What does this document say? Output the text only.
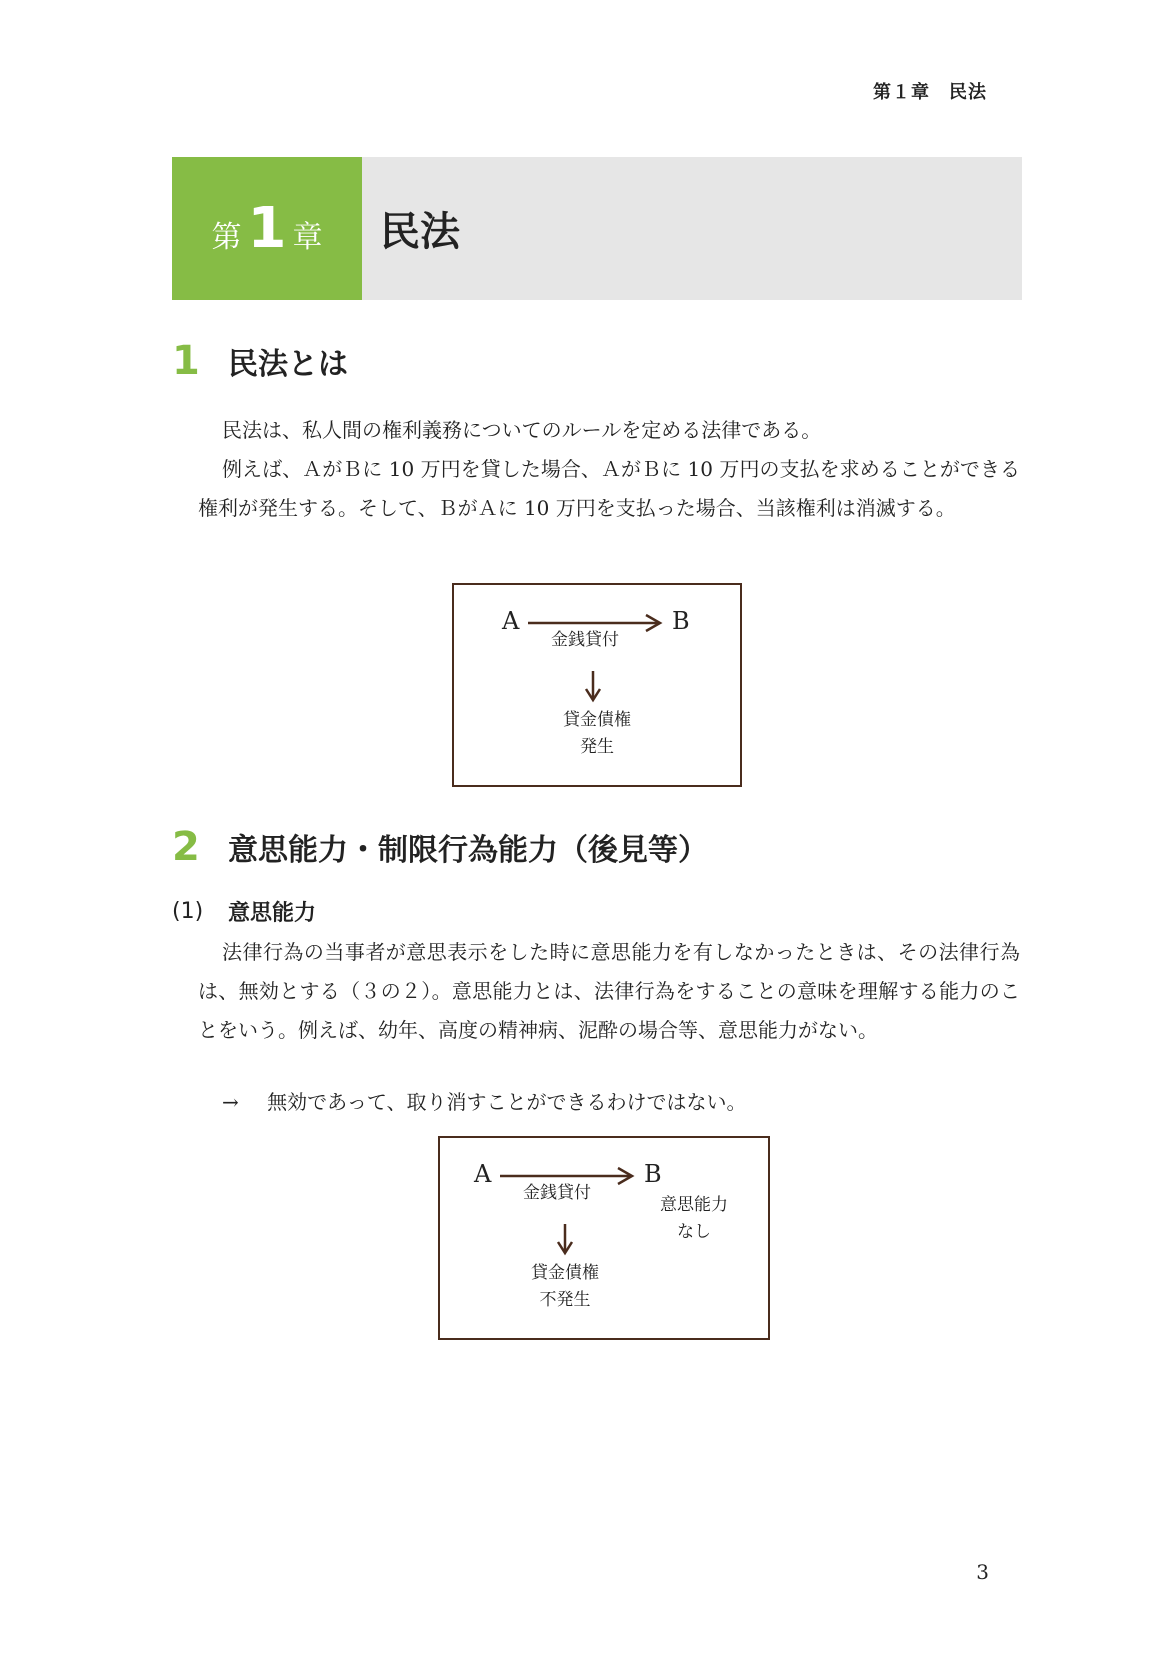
第１章　民法
第 1 章	民法
1 民法とは

民法は、私人間の権利義務についてのルールを定める法律である。

例えば、ＡがＢに 10 万円を貸した場合、ＡがＢに 10 万円の支払を求めることができる権利が発生する。そして、ＢがＡに 10 万円を支払った場合、当該権利は消滅する。

A	B
金銭貸付
貸金債権
発生
2 意思能力・制限行為能力（後見等）
(1)	意思能力

法律行為の当事者が意思表示をした時に意思能力を有しなかったときは、その法律行為は、無効とする（３の２）。意思能力とは、法律行為をすることの意味を理解する能力のことをいう。例えば、幼年、高度の精神病、泥酔の場合等、意思能力がない。

→ 無効であって、取り消すことができるわけではない。
A	B
金銭貸付
意思能力
なし
貸金債権
不発生
3
